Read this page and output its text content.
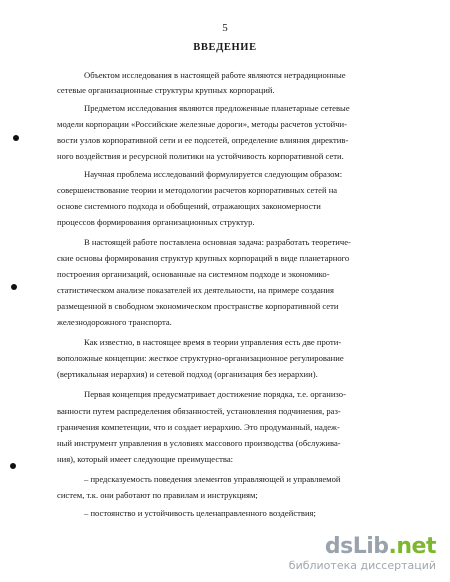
5
ВВЕДЕНИЕ
Объектом исследования в настоящей работе являются нетрадиционные
сетевые организационные структуры крупных корпораций.
Предметом исследования являются предложенные планетарные сетевые
модели корпорации «Российские железные дороги», методы расчетов устойчи-
вости узлов корпоративной сети и ее подсетей, определение влияния директив-
ного воздействия и ресурсной политики на устойчивость корпоративной сети.
Научная проблема исследований формулируется следующим образом:
совершенствование теории и методологии расчетов корпоративных сетей на
основе системного подхода и обобщений, отражающих закономерности
процессов формирования организационных структур.
В настоящей работе поставлена основная задача: разработать теоретиче-
ские основы формирования структур крупных корпораций в виде планетарного
построения организаций, основанные на системном подходе и экономико-
статистическом анализе показателей их деятельности, на примере создания
размещенной в свободном экономическом пространстве корпоративной сети
железнодорожного транспорта.
Как известно, в настоящее время в теории управления есть две проти-
воположные концепции: жесткое структурно-организационное регулирование
(вертикальная иерархия) и сетевой подход (организация без иерархии).
Первая концепция предусматривает достижение порядка, т.е. организо-
ванности путем распределения обязанностей, установления подчинения, раз-
граничения компетенции, что и создает иерархию. Это продуманный, надеж-
ный инструмент управления в условиях массового производства (обслужива-
ния), который имеет следующие преимущества:
– предсказуемость поведения элементов управляющей и управляемой
систем, т.к. они работают по правилам и инструкциям;
– постоянство и устойчивость целенаправленного воздействия;
dsLib.net
библиотека диссертаций
